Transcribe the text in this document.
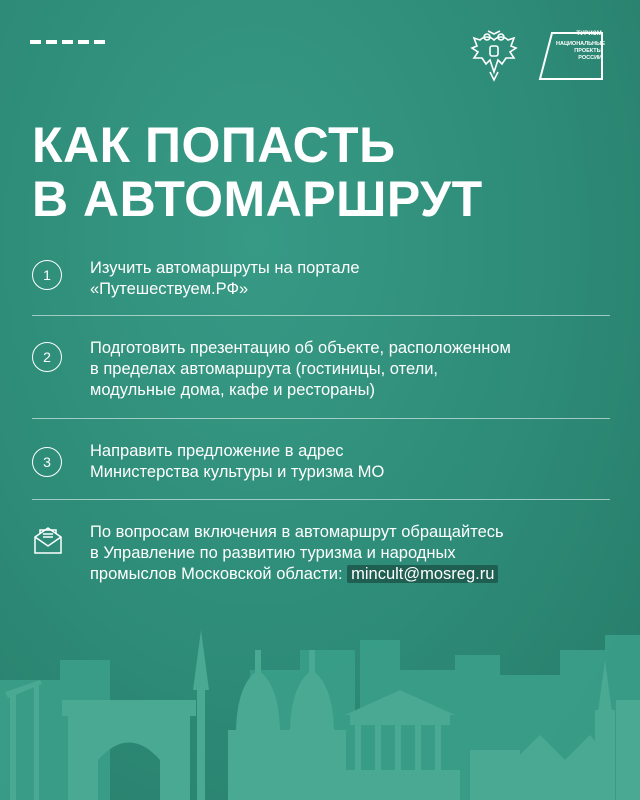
ТУРИЗМ
НАЦИОНАЛЬНЫЕ ПРОЕКТЫ РОССИИ
КАК ПОПАСТЬ
В АВТОМАРШРУТ
1	Изучить автомаршруты на портале
«Путешествуем.РФ»
2	Подготовить презентацию об объекте, расположенном
в пределах автомаршрута (гостиницы, отели,
модульные дома, кафе и рестораны)
3
Направить предложение в адрес
Министерства культуры и туризма МО
По вопросам включения в автомаршрут обращайтесь
в Управление по развитию туризма и народных
промыслов Московской области: mincult@mosreg.ru
